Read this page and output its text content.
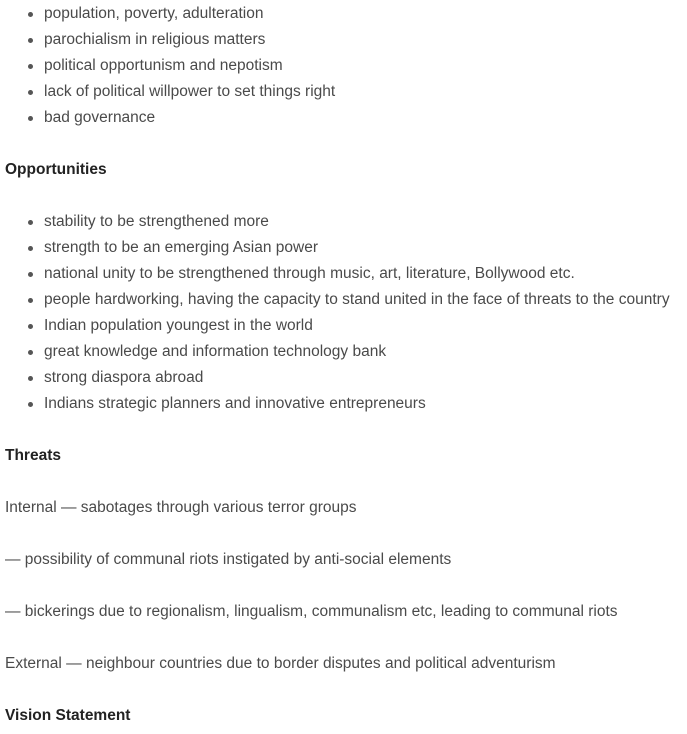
population, poverty, adulteration
parochialism in religious matters
political opportunism and nepotism
lack of political willpower to set things right
bad governance
Opportunities
stability to be strengthened more
strength to be an emerging Asian power
national unity to be strengthened through music, art, literature, Bollywood etc.
people hardworking, having the capacity to stand united in the face of threats to the country
Indian population youngest in the world
great knowledge and information technology bank
strong diaspora abroad
Indians strategic planners and innovative entrepreneurs
Threats
Internal — sabotages through various terror groups
— possibility of communal riots instigated by anti-social elements
— bickerings due to regionalism, lingualism, communalism etc, leading to communal riots
External — neighbour countries due to border disputes and political adventurism
Vision Statement
